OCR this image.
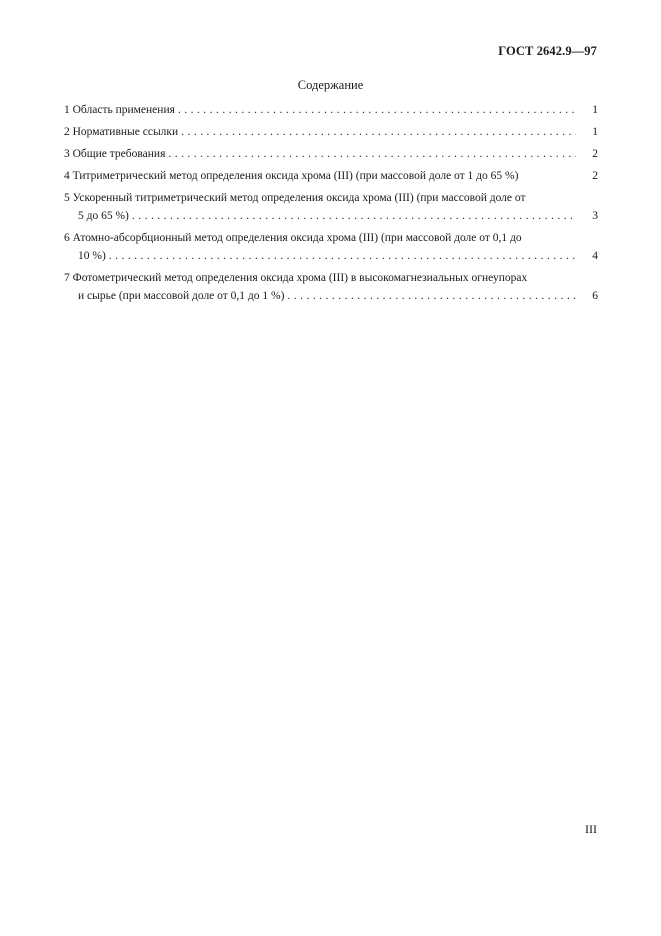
ГОСТ 2642.9—97
Содержание
1 Область применения . . .	1
2 Нормативные ссылки . . .	1
3 Общие требования . . .	2
4 Титриметрический метод определения оксида хрома (III) (при массовой доле от 1 до 65 %)	2
5 Ускоренный титриметрический метод определения оксида хрома (III) (при массовой доле от
5 до 65 %) . . .	3
6 Атомно-абсорбционный метод определения оксида хрома (III) (при массовой доле от 0,1 до
10 %) . . .	4
7 Фотометрический метод определения оксида хрома (III) в высокомагнезиальных огнеупорах
и сырье (при массовой доле от 0,1 до 1 %) . . .	6
III
